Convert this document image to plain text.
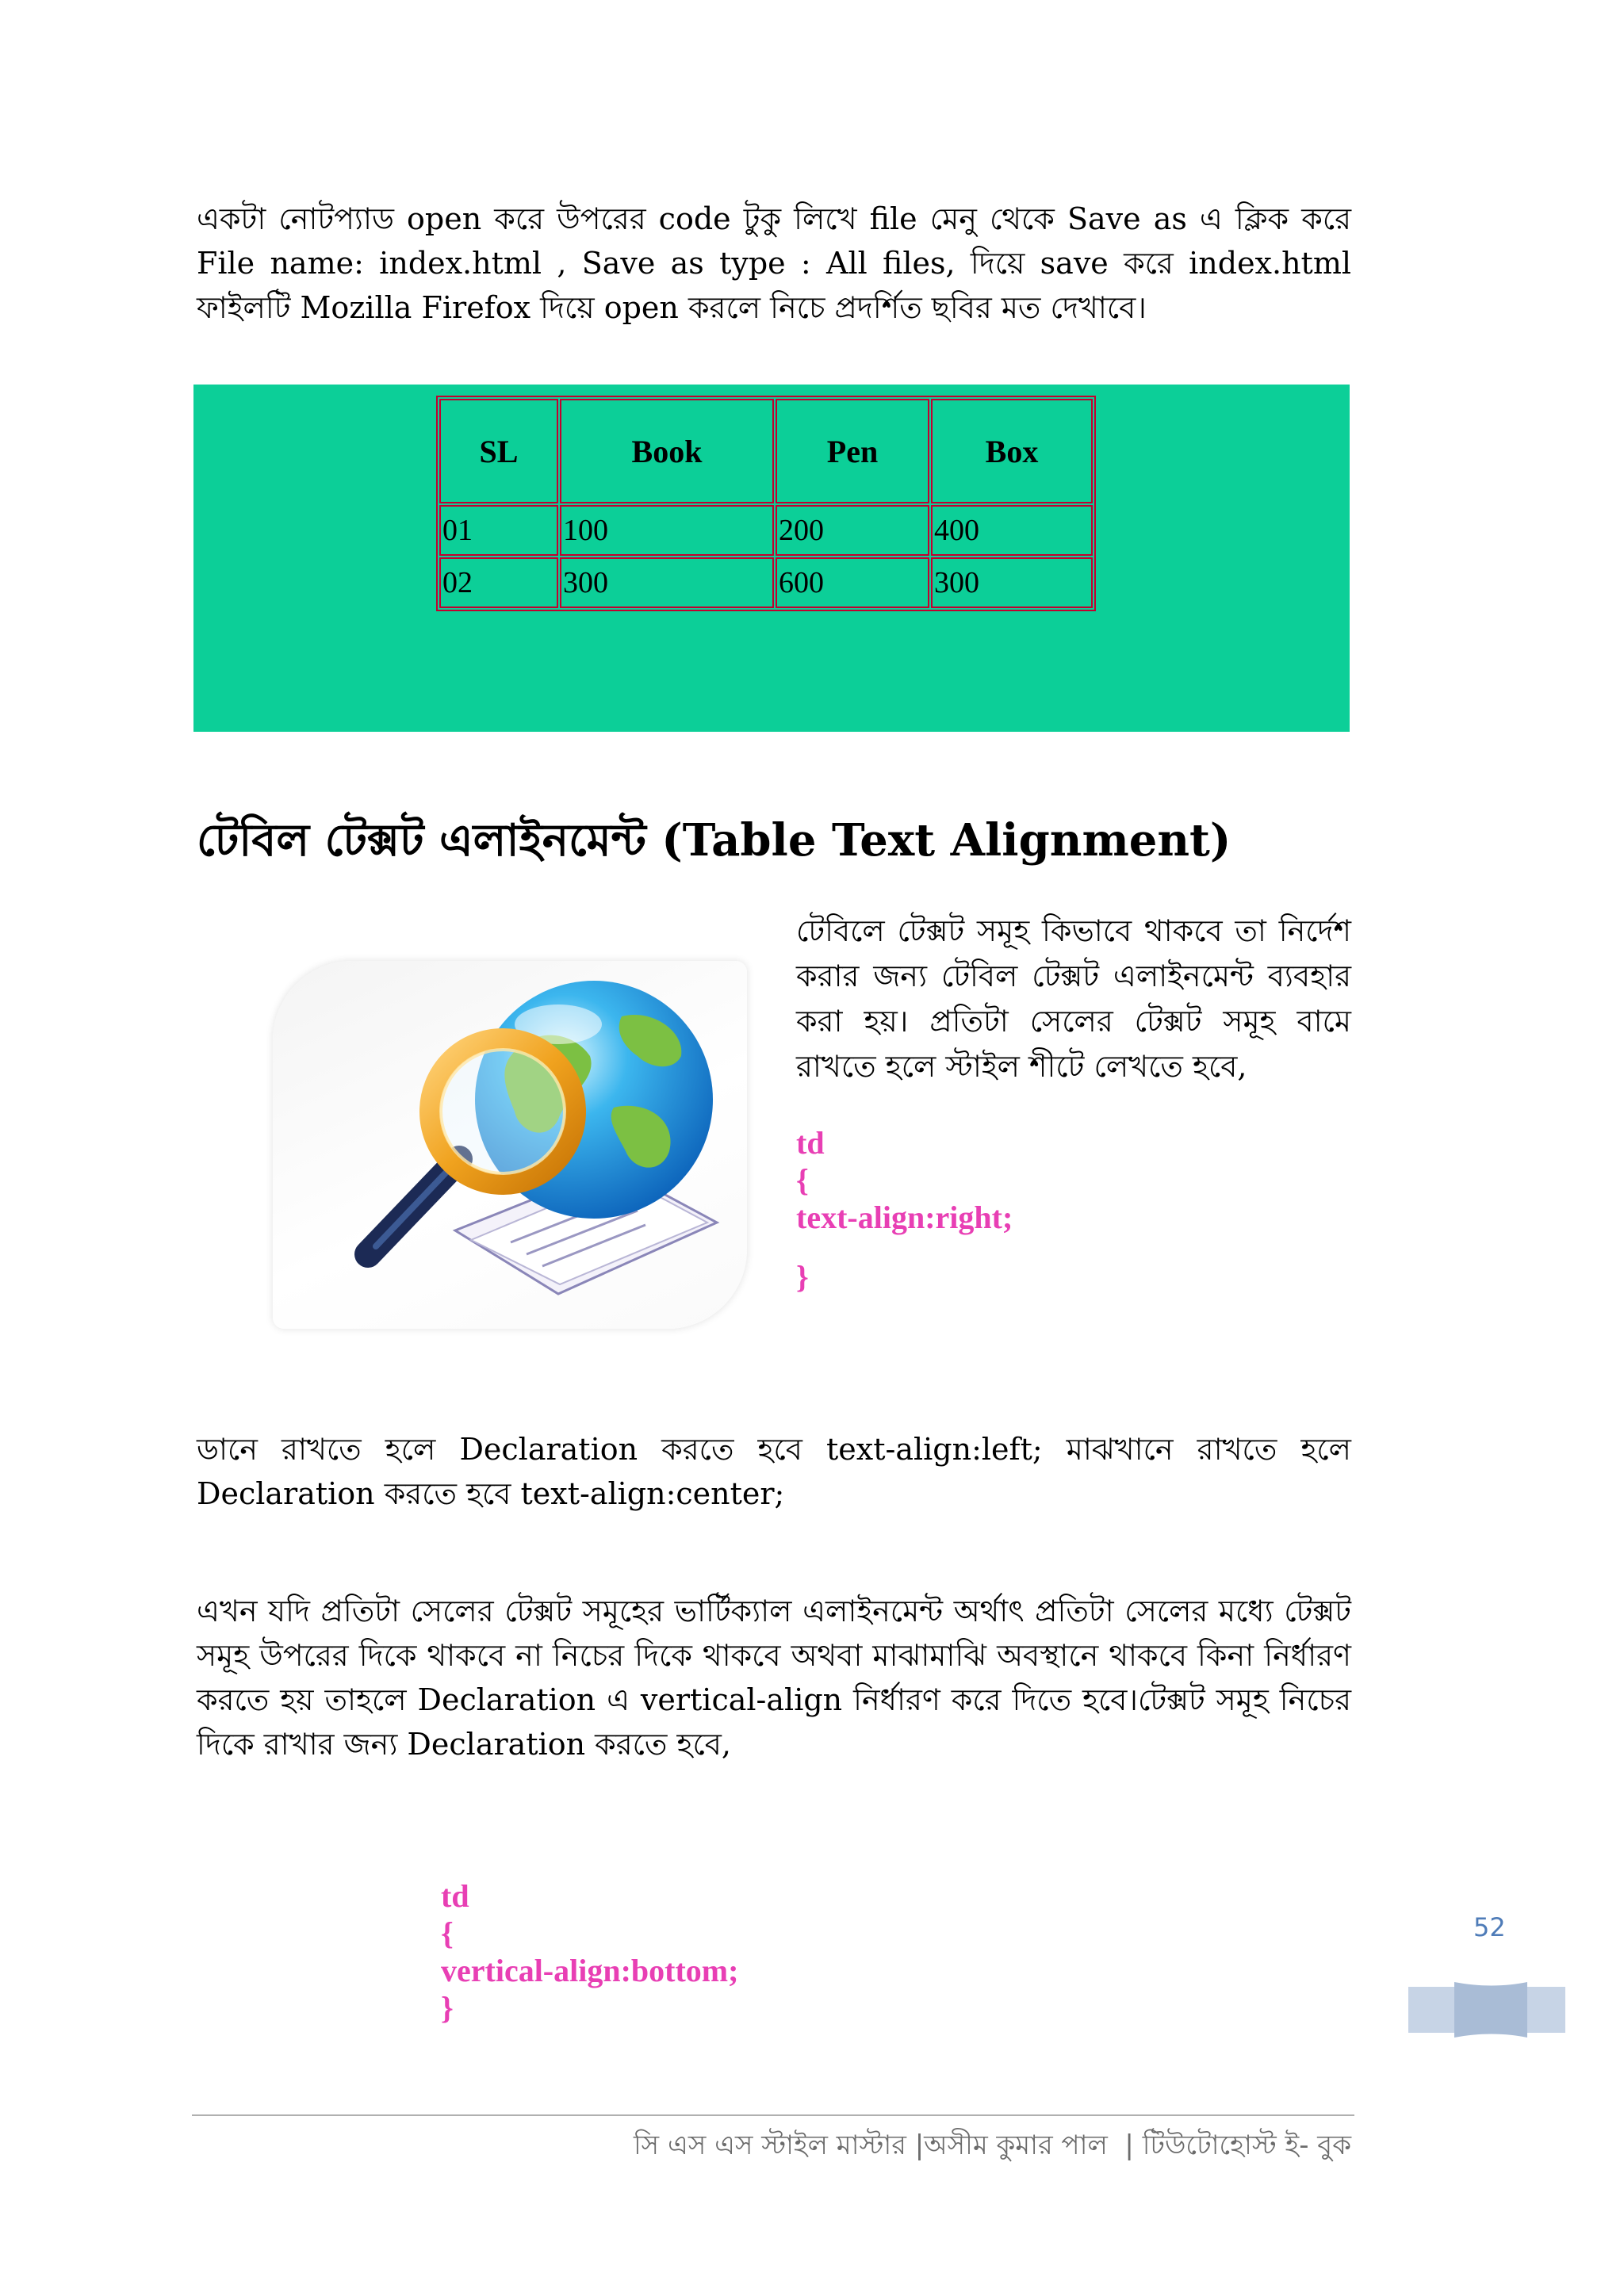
একটা নোটপ্যাড open করে উপরের code টুকু লিখে file মেনু থেকে Save as এ ক্লিক করে File name: index.html , Save as type : All files, দিয়ে save করে index.html ফাইলটি Mozilla Firefox দিয়ে open করলে নিচে প্রদর্শিত ছবির মত দেখাবে।

SL	Book	Pen	Box
01	100	200	400
02	300	600	300
টেবিল টেক্সট এলাইনমেন্ট (Table Text Alignment)

টেবিলে টেক্সট সমূহ কিভাবে থাকবে তা নির্দেশ করার জন্য টেবিল টেক্সট এলাইনমেন্ট ব্যবহার করা হয়। প্রতিটা সেলের টেক্সট সমূহ বামে রাখতে হলে স্টাইল শীটে লেখতে হবে,

td
{
text-align:right;
}

ডানে রাখতে হলে Declaration করতে হবে text-align:left; মাঝখানে রাখতে হলে Declaration করতে হবে text-align:center;

এখন যদি প্রতিটা সেলের টেক্সট সমূহের ভার্টিক্যাল এলাইনমেন্ট অর্থাৎ প্রতিটা সেলের মধ্যে টেক্সট সমূহ উপরের দিকে থাকবে না নিচের দিকে থাকবে অথবা মাঝামাঝি অবস্থানে থাকবে কিনা নির্ধারণ করতে হয় তাহলে Declaration এ vertical-align নির্ধারণ করে দিতে হবে।টেক্সট সমূহ নিচের দিকে রাখার জন্য Declaration করতে হবে,

td
{
vertical-align:bottom;
}
52
সি এস এস স্টাইল মাস্টার |অসীম কুমার পাল  | টিউটোহোস্ট ই- বুক
